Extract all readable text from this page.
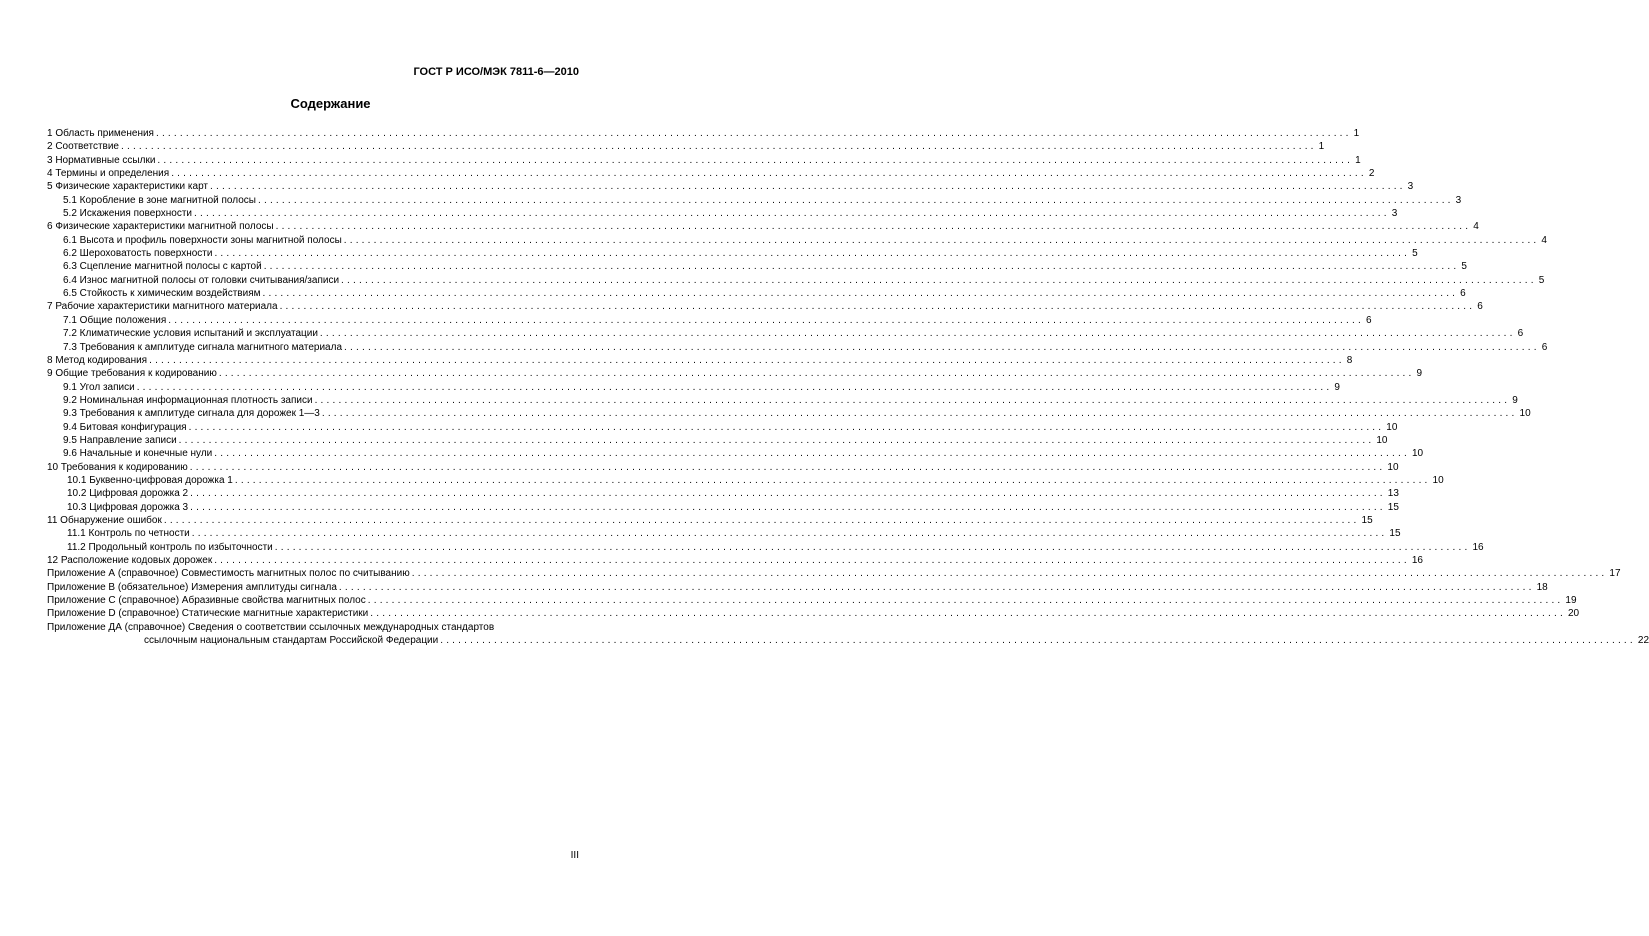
ГОСТ Р ИСО/МЭК 7811-6—2010
Содержание
1 Область применения ........................................................................................................................................................................................................ 1
2 Соответствие ........................................................................................................................................................................................................ 1
3 Нормативные ссылки ........................................................................................................................................................................................................ 1
4 Термины и определения ........................................................................................................................................................................................................ 2
5 Физические характеристики карт ........................................................................................................................................................................................................ 3
5.1 Коробление в зоне магнитной полосы ........................................................................................................................................................................................................ 3
5.2 Искажения поверхности ........................................................................................................................................................................................................ 3
6 Физические характеристики магнитной полосы ........................................................................................................................................................................................................ 4
6.1 Высота и профиль поверхности зоны магнитной полосы ........................................................................................................................................................................................................ 4
6.2 Шероховатость поверхности ........................................................................................................................................................................................................ 5
6.3 Сцепление магнитной полосы с картой ........................................................................................................................................................................................................ 5
6.4 Износ магнитной полосы от головки считывания/записи ........................................................................................................................................................................................................ 5
6.5 Стойкость к химическим воздействиям ........................................................................................................................................................................................................ 6
7 Рабочие характеристики магнитного материала ........................................................................................................................................................................................................ 6
7.1 Общие положения ........................................................................................................................................................................................................ 6
7.2 Климатические условия испытаний и эксплуатации ........................................................................................................................................................................................................ 6
7.3 Требования к амплитуде сигнала магнитного материала ........................................................................................................................................................................................................ 6
8 Метод кодирования ........................................................................................................................................................................................................ 8
9 Общие требования к кодированию ........................................................................................................................................................................................................ 9
9.1 Угол записи ........................................................................................................................................................................................................ 9
9.2 Номинальная информационная плотность записи ........................................................................................................................................................................................................ 9
9.3 Требования к амплитуде сигнала для дорожек 1—3 ........................................................................................................................................................................................................ 10
9.4 Битовая конфигурация ........................................................................................................................................................................................................ 10
9.5 Направление записи ........................................................................................................................................................................................................ 10
9.6 Начальные и конечные нули ........................................................................................................................................................................................................ 10
10 Требования к кодированию ........................................................................................................................................................................................................ 10
10.1 Буквенно-цифровая дорожка 1 ........................................................................................................................................................................................................ 10
10.2 Цифровая дорожка 2 ........................................................................................................................................................................................................ 13
10.3 Цифровая дорожка 3 ........................................................................................................................................................................................................ 15
11 Обнаружение ошибок ........................................................................................................................................................................................................ 15
11.1 Контроль по четности ........................................................................................................................................................................................................ 15
11.2 Продольный контроль по избыточности ........................................................................................................................................................................................................ 16
12 Расположение кодовых дорожек ........................................................................................................................................................................................................ 16
Приложение А (справочное) Совместимость магнитных полос по считыванию ........................................................................................................................................................................................................ 17
Приложение В (обязательное) Измерения амплитуды сигнала ........................................................................................................................................................................................................ 18
Приложение С (справочное) Абразивные свойства магнитных полос ........................................................................................................................................................................................................ 19
Приложение D (справочное) Статические магнитные характеристики ........................................................................................................................................................................................................ 20
Приложение ДА (справочное) Сведения о соответствии ссылочных международных стандартов
ссылочным национальным стандартам Российской Федерации ........................................................................................................................................................................................................ 22
III
